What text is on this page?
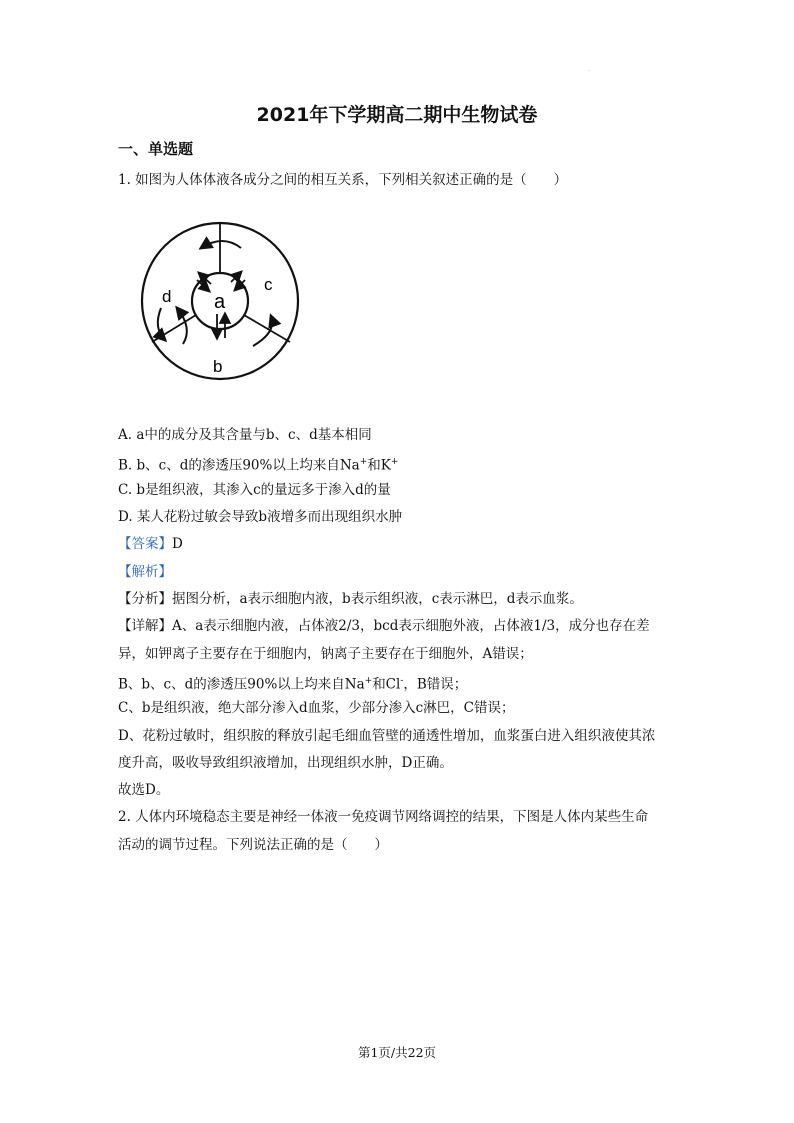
·
2021年下学期高二期中生物试卷
一、单选题
1. 如图为人体体液各成分之间的相互关系，下列相关叙述正确的是（　　）
a
b
c
d
A. a中的成分及其含量与b、c、d基本相同
B. b、c、d的渗透压90%以上均来自Na+和K+
C. b是组织液，其渗入c的量远多于渗入d的量
D. 某人花粉过敏会导致b液增多而出现组织水肿
【答案】D
【解析】
【分析】据图分析，a表示细胞内液，b表示组织液，c表示淋巴，d表示血浆。
【详解】A、a表示细胞内液，占体液2/3，bcd表示细胞外液，占体液1/3，成分也存在差
异，如钾离子主要存在于细胞内，钠离子主要存在于细胞外，A错误；
B、b、c、d的渗透压90%以上均来自Na+和Cl-，B错误；
C、b是组织液，绝大部分渗入d血浆，少部分渗入c淋巴，C错误；
D、花粉过敏时，组织胺的释放引起毛细血管壁的通透性增加，血浆蛋白进入组织液使其浓
度升高，吸收导致组织液增加，出现组织水肿，D正确。
故选D。
2. 人体内环境稳态主要是神经一体液一免疫调节网络调控的结果，下图是人体内某些生命
活动的调节过程。下列说法正确的是（　　）
第1页/共22页
